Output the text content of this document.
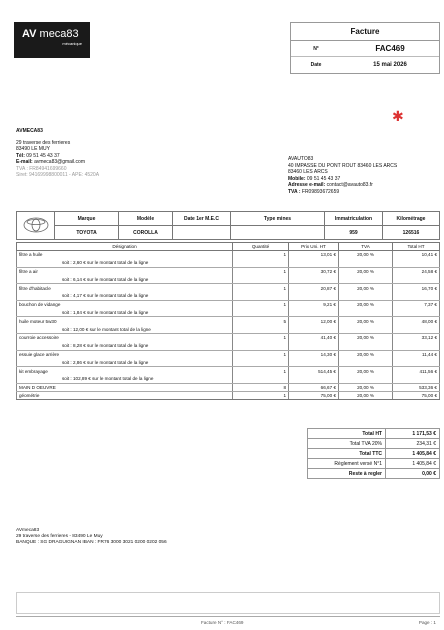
AV meca83
mécanique
Facture
N°	FAC469
Date	15 mai 2026
✱
AVMECA83
29 traverse des ferrieres
83490 LE MUY
Tél: 09 51 45 43 37
E-mail: avmeca83@gmail.com
TVA : FR84941699660
Siret: 94169998800011 - APE: 4520A
AVAUTO83
40 IMPASSE DU PONT ROUT 83460 LES ARCS
83460 LES ARCS
Mobile: 09 51 45 43 37
Adresse e-mail: contact@avauto83.fr
TVA : FR09893672659
	Marque	Modèle	Date 1er M.E.C	Type mines	Immatriculation	Kilométrage
	TOYOTA	COROLLA			959	126516
Désignation	Quantité	Prix Uni. HT	TVA	Total HT
filtre a huile	1	13,01 €	20,00 %	10,41 €
soit : 2,60 € sur le montant total de la ligne				
filtre a air	1	30,72 €	20,00 %	24,58 €
soit : 6,14 € sur le montant total de la ligne				
filtre d'habitacle	1	20,87 €	20,00 %	16,70 €
soit : 4,17 € sur le montant total de la ligne				
bouchon de vidange	1	9,21 €	20,00 %	7,37 €
soit : 1,84 € sur le montant total de la ligne				
huile moteur 5w30	5	12,00 €	20,00 %	48,00 €
soit : 12,00 € sur le montant total de la ligne				
courroie accessoire	1	41,40 €	20,00 %	33,12 €
soit : 8,28 € sur le montant total de la ligne				
essuie glace arrière	1	14,30 €	20,00 %	11,44 €
soit : 2,86 € sur le montant total de la ligne				
kit embrayage	1	514,45 €	20,00 %	411,56 €
soit : 102,89 € sur le montant total de la ligne				
MAIN D OEUVRE	8	66,67 €	20,00 %	533,36 €
géométrie	1	75,00 €	20,00 %	75,00 €
Total HT	1 171,53 €
Total TVA 20%	234,31 €
Total TTC	1 405,84 €
Règlement versé N°1	1 405,84 €
Reste à regler	0,00 €
AVmeca83
29 traverse des ferrieres - 83490 Le Muy
BANQUE : SG DRAGUIGNAN IBAN : FR76 3000 3021 0200 0202 056
Facture N° : FAC469	Page : 1
